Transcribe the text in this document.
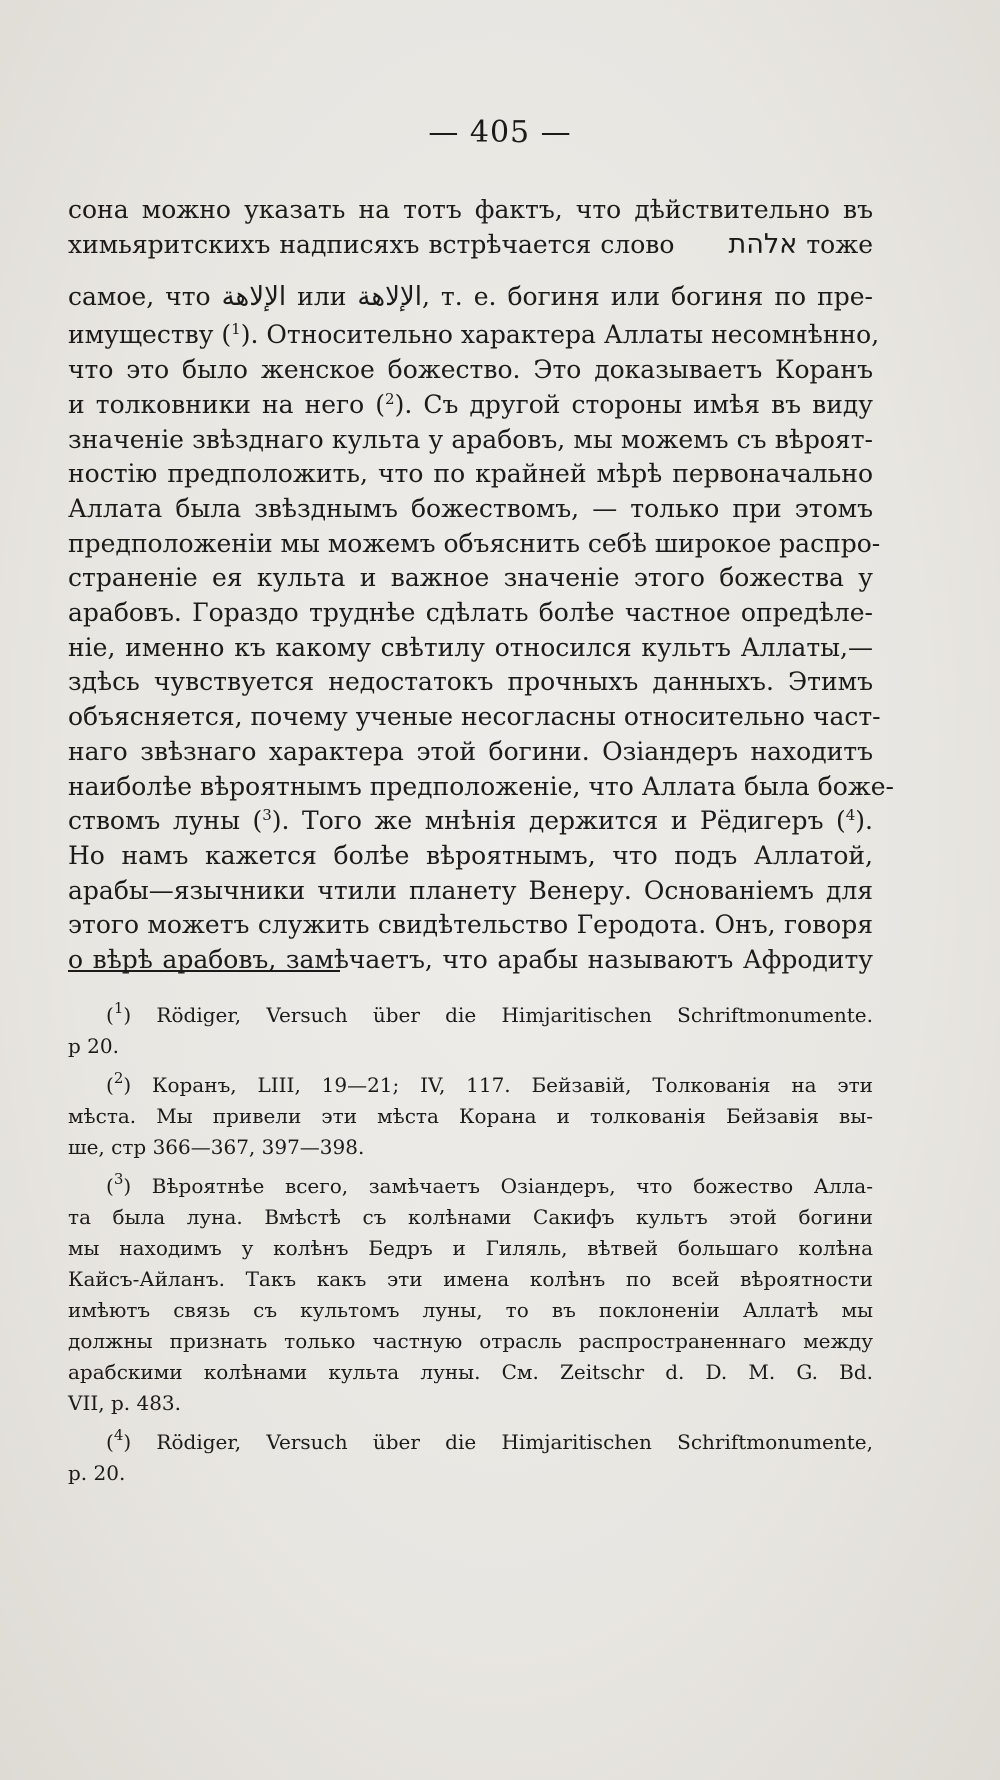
— 405 —
сона можно указать на тотъ фактъ, что дѣйствительно въ
химьяритскихъ надписяхъ встрѣчается слово אלהת тоже
самое, что الإلاهة или الإلاهة, т. е. богиня или богиня по пре-
имуществу ($^1$). Относительно характера Аллаты несомнѣнно,
что это было женское божество. Это доказываетъ Коранъ
и толковники на него ($^2$). Съ другой стороны имѣя въ виду
значеніе звѣзднаго культа у арабовъ, мы можемъ съ вѣроят-
ностію предположить, что по крайней мѣрѣ первоначально
Аллата была звѣзднымъ божествомъ, — только при этомъ
предположеніи мы можемъ объяснить себѣ широкое распро-
страненіе ея культа и важное значеніе этого божества у
арабовъ. Гораздо труднѣе сдѣлать болѣе частное опредѣле-
ніе, именно къ какому свѣтилу относился культъ Аллаты,—
здѣсь чувствуется недостатокъ прочныхъ данныхъ. Этимъ
объясняется, почему ученые несогласны относительно част-
наго звѣзнаго характера этой богини. Озіандеръ находитъ
наиболѣе вѣроятнымъ предположеніе, что Аллата была боже-
ствомъ луны ($^3$). Того же мнѣнія держится и Рёдигеръ ($^4$).
Но намъ кажется болѣе вѣроятнымъ, что подъ Аллатой,
арабы—язычники чтили планету Венеру. Основаніемъ для
этого можетъ служить свидѣтельство Геродота. Онъ, говоря
о вѣрѣ арабовъ, замѣчаетъ, что арабы называютъ Афродиту
($^1$) Rödiger, Versuch über die Himjaritischen Schriftmonumente.
p 20.
($^2$) Коранъ, LIII, 19—21; IV, 117. Бейзавій, Толкованія на эти
мѣста. Мы привели эти мѣста Корана и толкованія Бейзавія вы-
ше, стр 366—367, 397—398.
($^3$) Вѣроятнѣе всего, замѣчаетъ Озіандеръ, что божество Алла-
та была луна. Вмѣстѣ съ колѣнами Сакифъ культъ этой богини
мы находимъ у колѣнъ Бедръ и Гиляль, вѣтвей большаго колѣна
Кайсъ-Айланъ. Такъ какъ эти имена колѣнъ по всей вѣроятности
имѣютъ связь съ культомъ луны, то въ поклоненіи Аллатѣ мы
должны признать только частную отрасль распространеннаго между
арабскими колѣнами культа луны. См. Zeitschr d. D. M. G. Bd.
VII, p. 483.
($^4$) Rödiger, Versuch über die Himjaritischen Schriftmonumente,
p. 20.
